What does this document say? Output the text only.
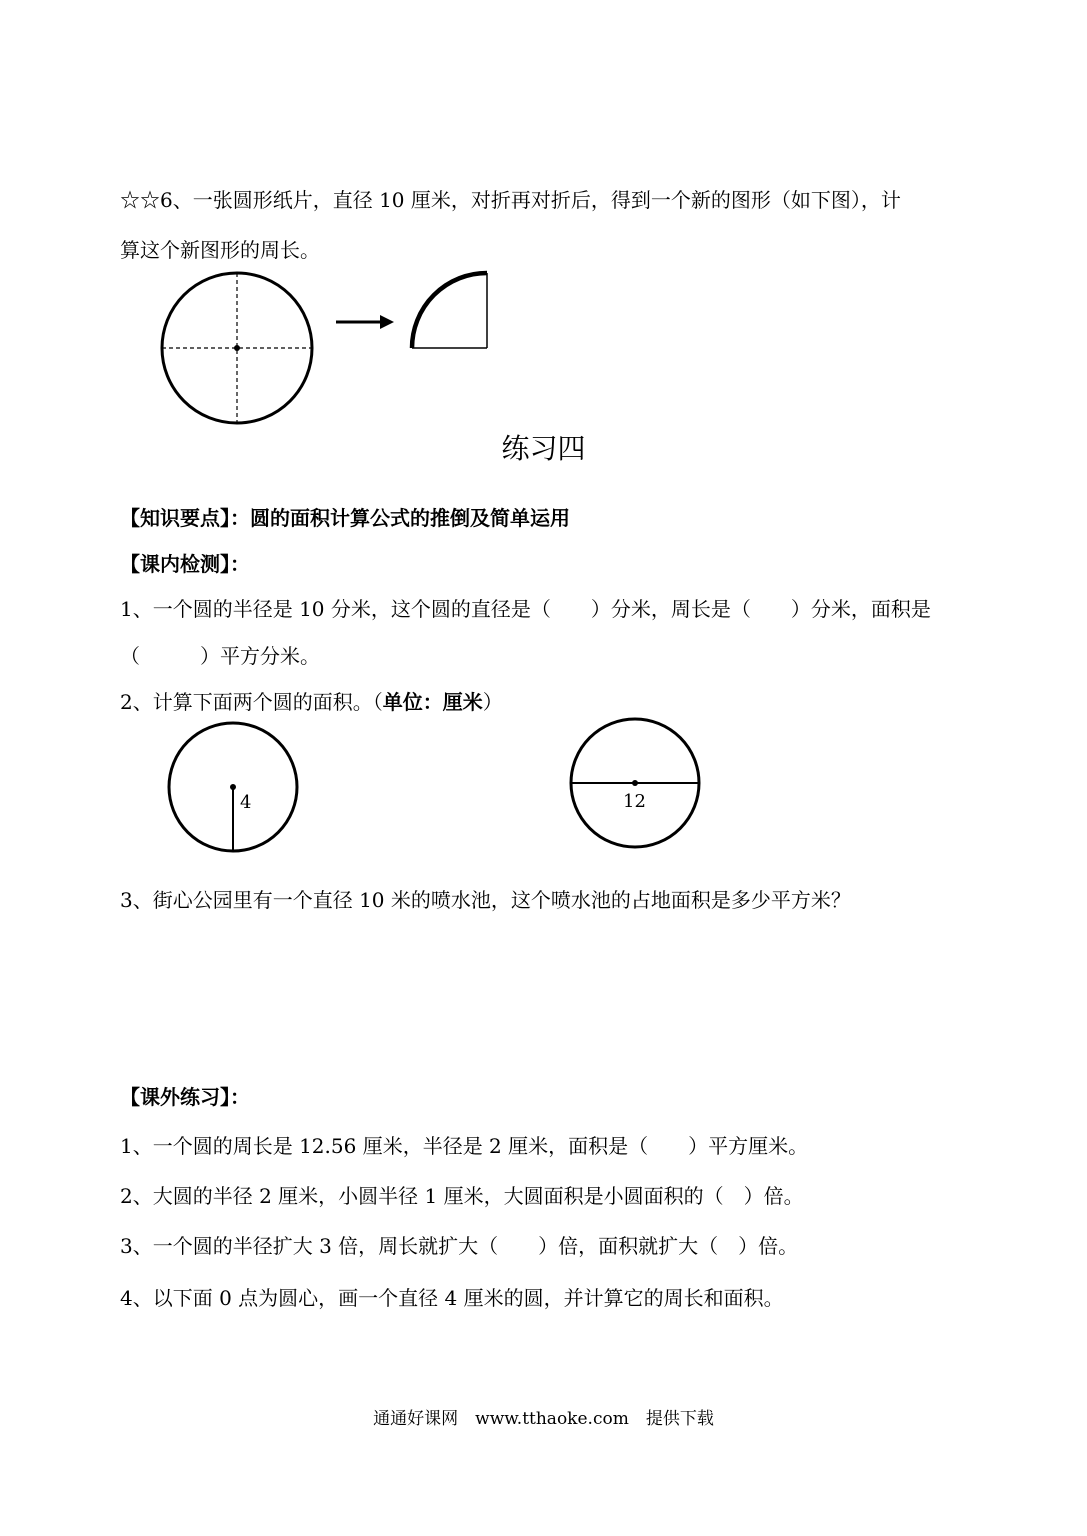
☆☆6、一张圆形纸片，直径 10 厘米，对折再对折后，得到一个新的图形（如下图），计
算这个新图形的周长。
练习四
【知识要点】：圆的面积计算公式的推倒及简单运用
【课内检测】：
1、一个圆的半径是 10 分米，这个圆的直径是（　　）分米，周长是（　　）分米，面积是
（　　　）平方分米。
2、计算下面两个圆的面积。（单位：厘米）
4	12
3、街心公园里有一个直径 10 米的喷水池，这个喷水池的占地面积是多少平方米？
【课外练习】：
1、一个圆的周长是 12.56 厘米，半径是 2 厘米，面积是（　　）平方厘米。
2、大圆的半径 2 厘米，小圆半径 1 厘米，大圆面积是小圆面积的（　）倍。
3、一个圆的半径扩大 3 倍，周长就扩大（　　）倍，面积就扩大（　）倍。
4、以下面 0 点为圆心，画一个直径 4 厘米的圆，并计算它的周长和面积。
通通好课网　www.tthaoke.com　提供下载
